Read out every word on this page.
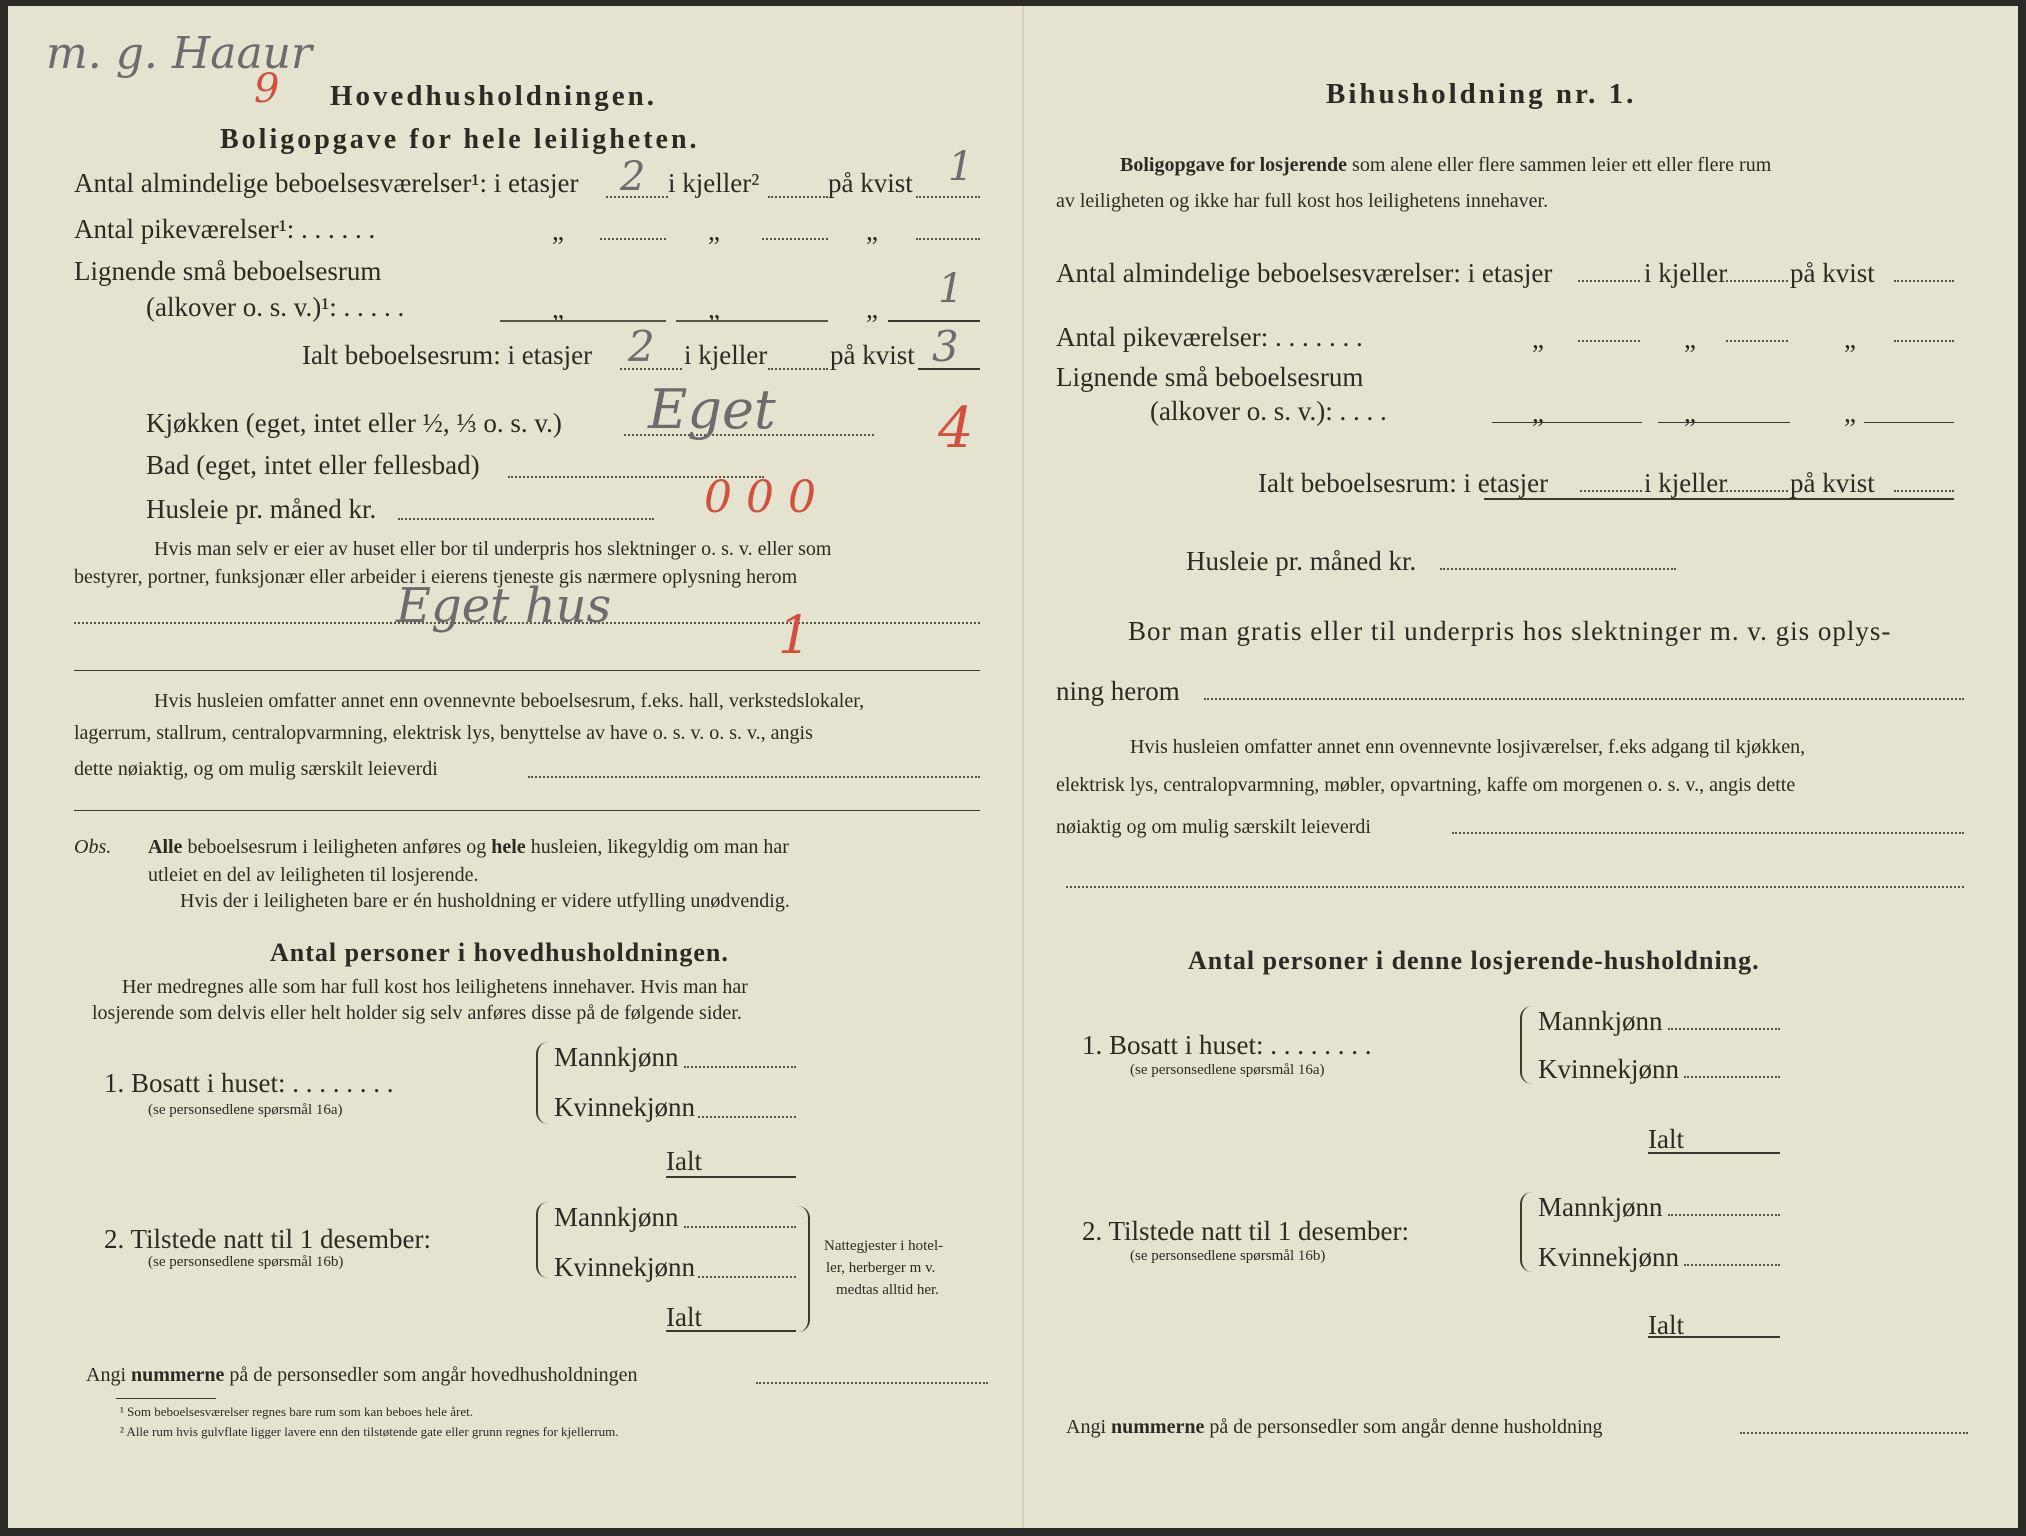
m. g. Haaur
9 Hovedhusholdningen.
Boligopgave for hele leiligheten.
Antal almindelige beboelsesværelser¹: i etasjer 2 i kjeller²	på kvist 1
Antal pikeværelser¹: . . . . . .	„	„	„
Lignende små beboelsesrum
(alkover o. s. v.)¹: . . . . .	„	„	„ 1
Ialt beboelsesrum: i etasjer 2 i kjeller på kvist 3
4
Kjøkken (eget, intet eller ½, ⅓ o. s. v.) Eget
Bad (eget, intet eller fellesbad)
Husleie pr. måned kr.	0 0 0
Hvis man selv er eier av huset eller bor til underpris hos slektninger o. s. v. eller som
bestyrer, portner, funksjonær eller arbeider i eierens tjeneste gis nærmere oplysning herom
Eget hus	1
Hvis husleien omfatter annet enn ovennevnte beboelsesrum, f.eks. hall, verkstedslokaler,
lagerrum, stallrum, centralopvarmning, elektrisk lys, benyttelse av have o. s. v. o. s. v., angis
dette nøiaktig, og om mulig særskilt leieverdi
Obs. Alle beboelsesrum i leiligheten anføres og hele husleien, likegyldig om man har
utleiet en del av leiligheten til losjerende.
Hvis der i leiligheten bare er én husholdning er videre utfylling unødvendig.
Antal personer i hovedhusholdningen.
Her medregnes alle som har full kost hos leilighetens innehaver. Hvis man har
losjerende som delvis eller helt holder sig selv anføres disse på de følgende sider.
1. Bosatt i huset: . . . . . . . .
(se personsedlene spørsmål 16a)
Mannkjønn
Kvinnekjønn
Ialt
2. Tilstede natt til 1 desember:
(se personsedlene spørsmål 16b)
Mannkjønn
Kvinnekjønn
Ialt
Nattegjester i hotel-
ler, herberger m v.
medtas alltid her.
Angi nummerne på de personsedler som angår hovedhusholdningen
¹ Som beboelsesværelser regnes bare rum som kan beboes hele året.
² Alle rum hvis gulvflate ligger lavere enn den tilstøtende gate eller grunn regnes for kjellerrum.
Bihusholdning nr. 1.
Boligopgave for losjerende som alene eller flere sammen leier ett eller flere rum
av leiligheten og ikke har full kost hos leilighetens innehaver.
Antal almindelige beboelsesværelser: i etasjer	i kjeller på kvist
Antal pikeværelser: . . . . . . .	„	„	„
Lignende små beboelsesrum
(alkover o. s. v.): . . . .	„	„	„
Ialt beboelsesrum: i etasjer	i kjeller på kvist
Husleie pr. måned kr.
Bor man gratis eller til underpris hos slektninger m. v. gis oplys-
ning herom
Hvis husleien omfatter annet enn ovennevnte losjiværelser, f.eks adgang til kjøkken,
elektrisk lys, centralopvarmning, møbler, opvartning, kaffe om morgenen o. s. v., angis dette
nøiaktig og om mulig særskilt leieverdi
Antal personer i denne losjerende-husholdning.
1. Bosatt i huset: . . . . . . . .
(se personsedlene spørsmål 16a)
Mannkjønn
Kvinnekjønn
Ialt
2. Tilstede natt til 1 desember:
(se personsedlene spørsmål 16b)
Mannkjønn
Kvinnekjønn
Ialt
Angi nummerne på de personsedler som angår denne husholdning
